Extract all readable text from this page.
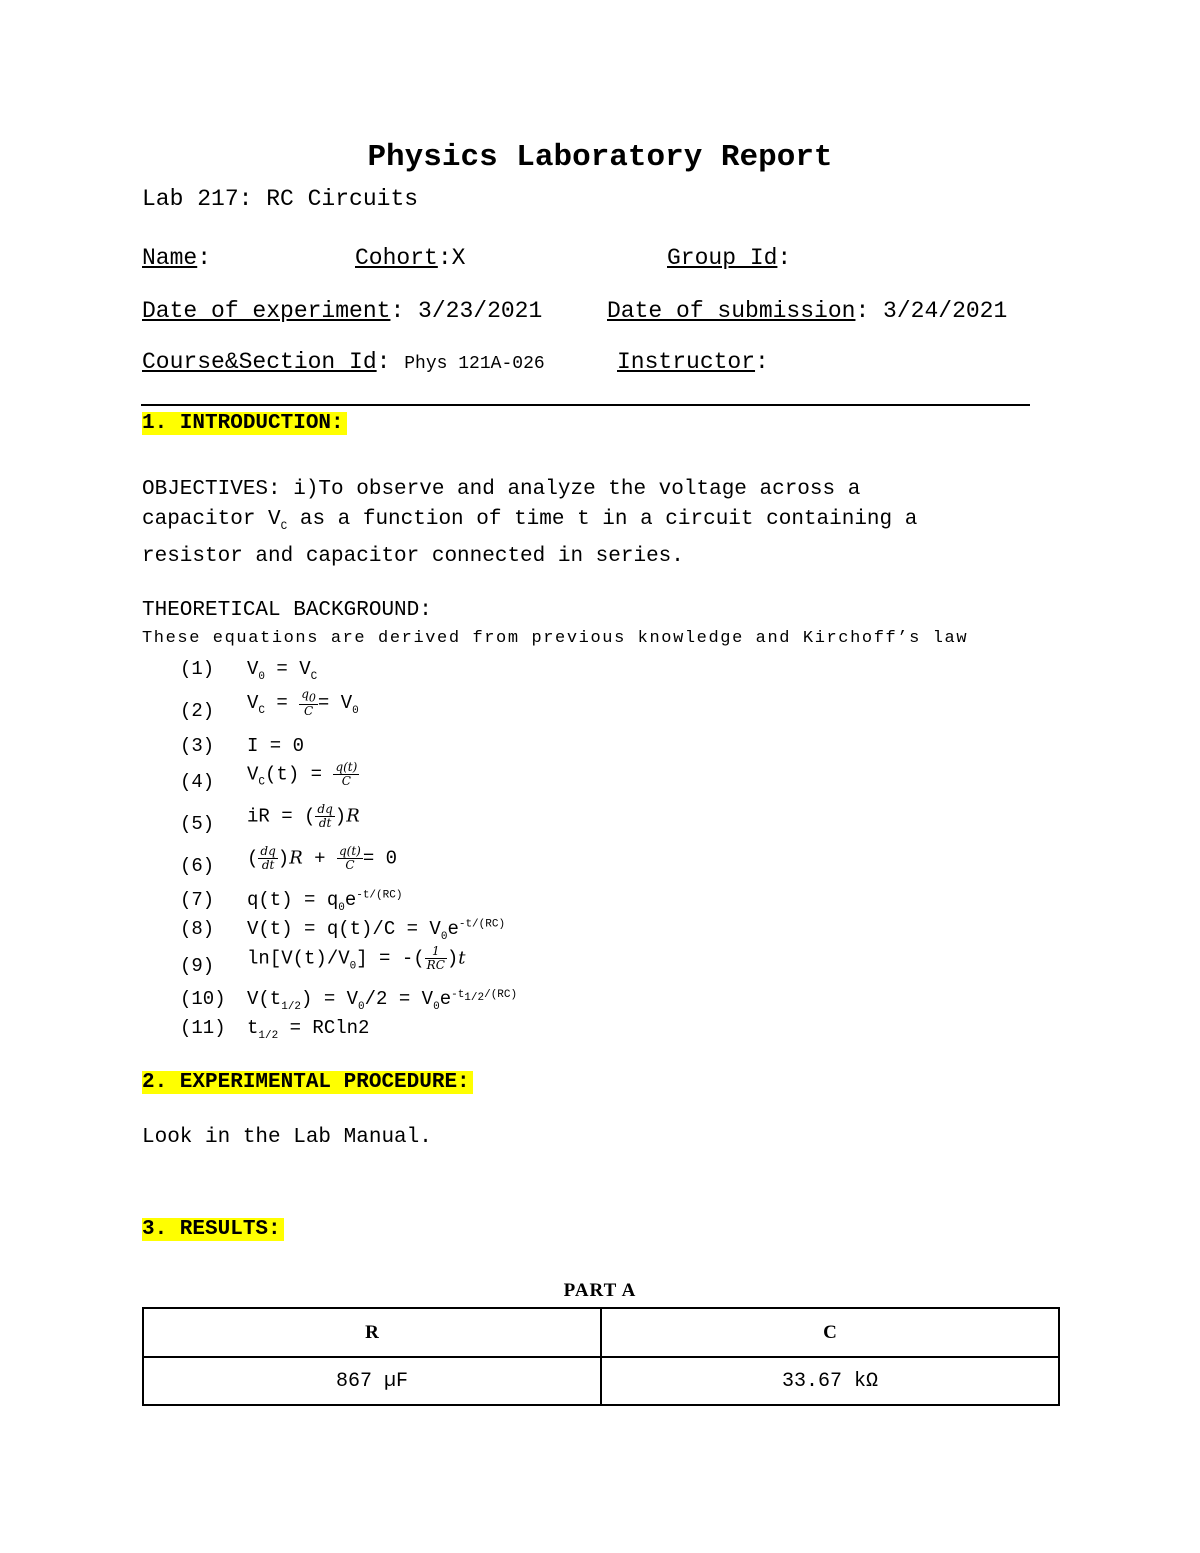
Physics Laboratory Report
Lab 217: RC Circuits
Name:	Cohort:X	Group Id:
Date of experiment: 3/23/2021	Date of submission: 3/24/2021
Course&Section Id: Phys 121A-026	Instructor:
1. INTRODUCTION:
OBJECTIVES: i)To observe and analyze the voltage across a
capacitor $V_C$ as a function of time t in a circuit containing a
resistor and capacitor connected in series.
THEORETICAL BACKGROUND:
These equations are derived from previous knowledge and Kirchoff’s law
(1) $V_0 = V_C$
(2) $V_C = \frac{q_0}{C} = V_0$
(3) I = 0
(4) $V_C(t) = \frac{q(t)}{C}$
(5) iR = ( $\frac{dq}{dt} )R$
(6) ( $\frac{dq}{dt} )R + \frac{q(t)}{C} = 0$
(7) $q(t) = q_0e^{-t/(RC)}$
(8) $V(t) = q(t)/C = V_0e^{-t/(RC)}$
(9) $\ln[V(t)/V_0]$ = -( $\frac{1}{RC} )t$
(10) $V(t_{1/2}) = V_0/2 = V_0e^{-t_{1/2}/(RC)}$
(11) $t_{1/2} = RCln2$
2. EXPERIMENTAL PROCEDURE:
Look in the Lab Manual.
3. RESULTS:
PART A
R	C
867 µF	33.67 kΩ
